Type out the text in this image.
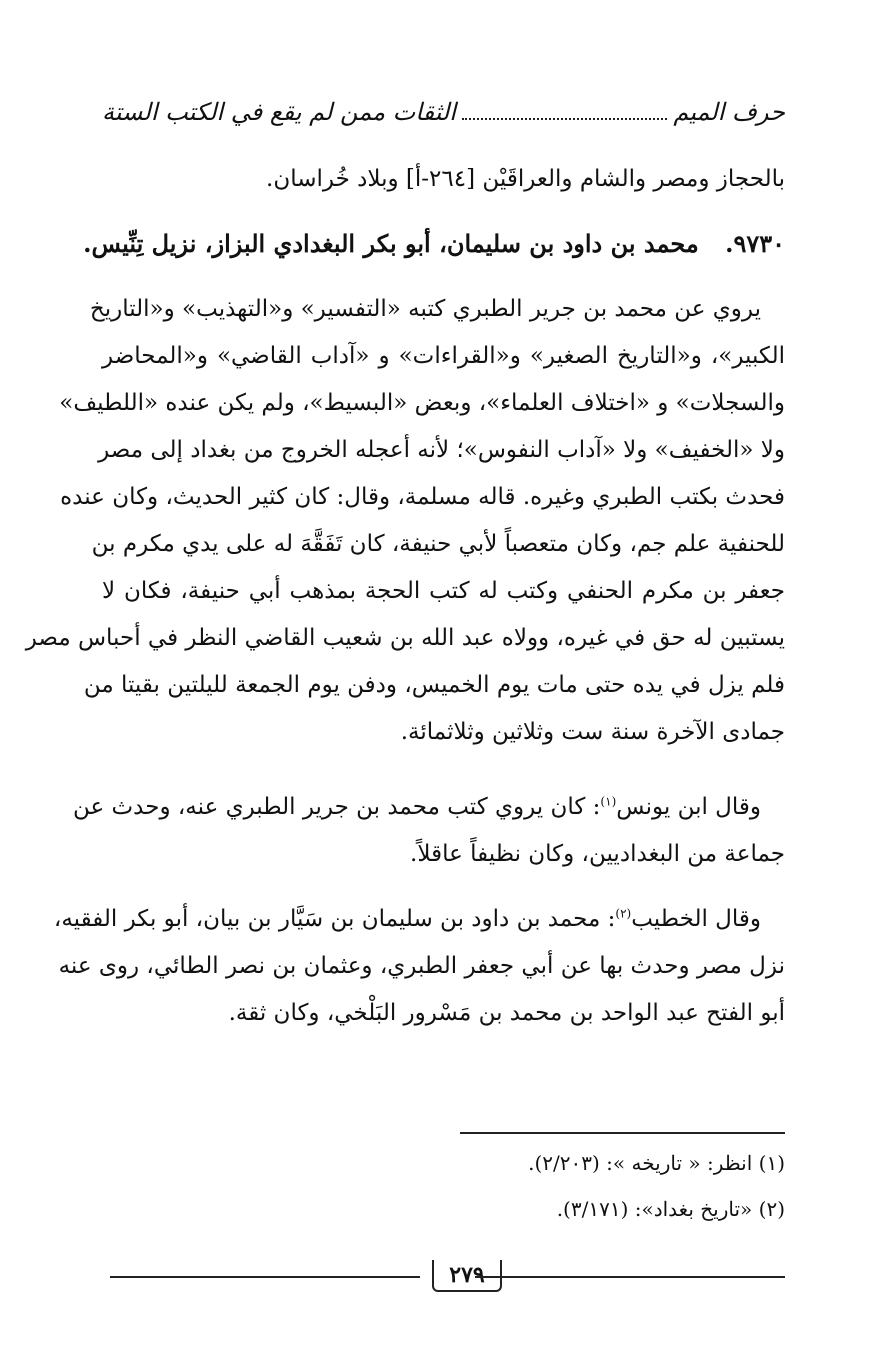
حرف الميم
الثقات ممن لم يقع في الكتب الستة
بالحجاز ومصر والشام والعراقَيْن [٢٦٤-أ] وبلاد خُراسان.
٩٧٣٠. محمد بن داود بن سليمان، أبو بكر البغدادي البزاز، نزيل تِنِّيس.
يروي عن محمد بن جرير الطبري كتبه «التفسير» و«التهذيب» و«التاريخ
الكبير»، و«التاريخ الصغير» و«القراءات» و «آداب القاضي» و«المحاضر
والسجلات» و «اختلاف العلماء»، وبعض «البسيط»، ولم يكن عنده «اللطيف»
ولا «الخفيف» ولا «آداب النفوس»؛ لأنه أعجله الخروج من بغداد إلى مصر
فحدث بكتب الطبري وغيره. قاله مسلمة، وقال: كان كثير الحديث، وكان عنده
للحنفية علم جم، وكان متعصباً لأبي حنيفة، كان تَفَقَّهَ له على يدي مكرم بن
جعفر بن مكرم الحنفي وكتب له كتب الحجة بمذهب أبي حنيفة، فكان لا
يستبين له حق في غيره، وولاه عبد الله بن شعيب القاضي النظر في أحباس مصر
فلم يزل في يده حتى مات يوم الخميس، ودفن يوم الجمعة لليلتين بقيتا من
جمادى الآخرة سنة ست وثلاثين وثلاثمائة.
وقال ابن يونس$^{(١)}$: كان يروي كتب محمد بن جرير الطبري عنه، وحدث عن
جماعة من البغداديين، وكان نظيفاً عاقلاً.
وقال الخطيب$^{(٢)}$: محمد بن داود بن سليمان بن سَيَّار بن بيان، أبو بكر الفقيه،
نزل مصر وحدث بها عن أبي جعفر الطبري، وعثمان بن نصر الطائي، روى عنه
أبو الفتح عبد الواحد بن محمد بن مَسْرور البَلْخي، وكان ثقة.
(١) انظر: « تاريخه »: (٢/٢٠٣).
(٢) «تاريخ بغداد»: (٣/١٧١).
٢٧٩
